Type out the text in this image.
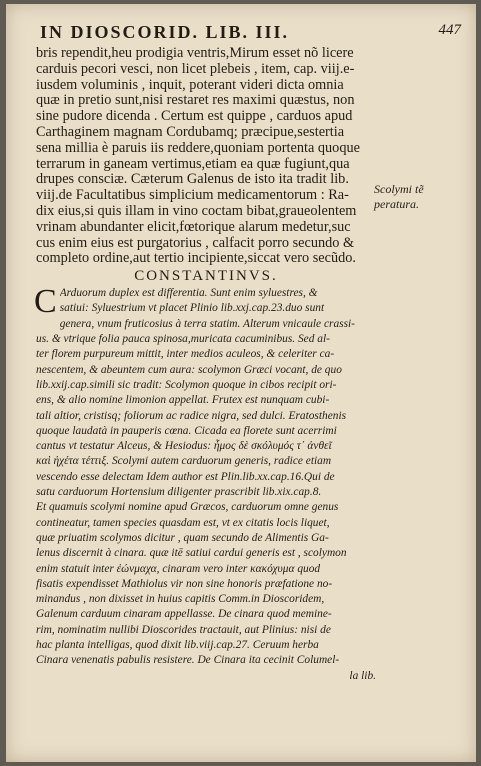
IN DIOSCORID. LIB. III.	447
bris rependit,heu prodigia ventris,Mirum esset nõ licere
carduis pecori vesci, non licet plebeis , item, cap. viij.e-
iusdem voluminis , inquit, poterant videri dicta omnia
quæ in pretio sunt,nisi restaret res maximi quæstus, non
sine pudore dicenda . Certum est quippe , carduos apud
Carthaginem magnam Cordubamq; præcipue,sestertia
sena millia è paruis iis reddere,quoniam portenta quoque
terrarum in ganeam vertimus,etiam ea quæ fugiunt,qua
drupes consciæ. Cæterum Galenus de isto ita tradit lib.
viij.de Facultatibus simplicium medicamentorum : Ra-
dix eius,si quis illam in vino coctam bibat,graueolentem
vrinam abundanter elicit,fœtorique alarum medetur,suc
cus enim eius est purgatorius , calfacit porro secundo &
completo ordine,aut tertio incipiente,siccat vero secũdo.
CONSTANTINVS.
C Arduorum duplex est differentia. Sunt enim syluestres, &
satiui: Syluestrium vt placet Plinio lib.xxj.cap.23.duo sunt
genera, vnum fruticosius à terra statim. Alterum vnicaule crassi-
us. & vtrique folia pauca spinosa,muricata cacuminibus. Sed al-
ter florem purpureum mittit, inter medios aculeos, & celeriter ca-
nescentem, & abeuntem cum aura: scolymon Græci vocant, de quo
lib.xxij.cap.simili sic tradit: Scolymon quoque in cibos recipit ori-
ens, & alio nomine limonion appellat. Frutex est nunquam cubi-
tali altior, cristisq; foliorum ac radice nigra, sed dulci. Eratosthenis
quoque laudatà in pauperis cœna. Cicada ea florete sunt acerrimi
cantus vt testatur Alceus, & Hesiodus: ἦμος δὲ σκόλυμός τ᾽ ἀνθεῖ
καὶ ἠχέτα τέττιξ. Scolymi autem carduorum generis, radice etiam
vescendo esse delectam Idem author est Plin.lib.xx.cap.16.Qui de
satu carduorum Hortensium diligenter prascribit lib.xix.cap.8.
Et quamuis scolymi nomine apud Græcos, carduorum omne genus
contineatur, tamen species quasdam est, vt ex citatis locis liquet,
quæ priuatim scolymos dicitur , quam secundo de Alimentis Ga-
lenus discernit à cinara. quæ itē satiui cardui generis est , scolymon
enim statuit inter ἐώνμαχα, cinaram vero inter κακόχυμα quod
fisatis expendisset Mathiolus vir non sine honoris præfatione no-
minandus , non dixisset in huius capitis Comm.in Dioscoridem,
Galenum carduum cinaram appellasse. De cinara quod memine-
rim, nominatim nullibi Dioscorides tractauit, aut Plinius: nisi de
hac planta intelligas, quod dixit lib.viij.cap.27. Ceruum herba
Cinara venenatis pabulis resistere. De Cinara ita cecinit Columel-
la lib.
Scolymi tẽ
peratura.
